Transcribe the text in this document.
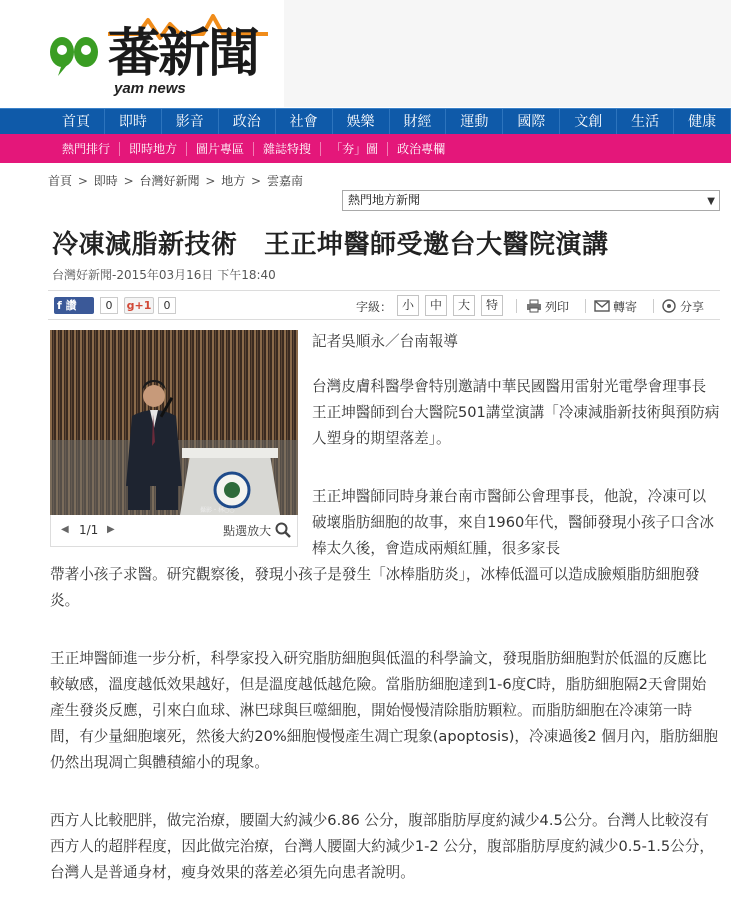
蕃新聞
yam news
首頁	即時	影音	政治	社會	娛樂	財經	運動	國際	文創	生活	健康
熱門排行	即時地方	圖片專區	雜誌特搜	「夯」圖	政治專欄
首頁 > 即時 > 台灣好新聞 > 地方 > 雲嘉南
熱門地方新聞	▼
冷凍減脂新技術　王正坤醫師受邀台大醫院演講
台灣好新聞-2015年03月16日 下午18:40
f 讚	0	g+1	0	字級： 小	中	大	特	列印	轉寄	分享
攝影・林○○
◀ 1/1 ▶	點選放大
記者吳順永／台南報導

台灣皮膚科醫學會特別邀請中華民國醫用雷射光電學會理事長王正坤醫師到台大醫院501講堂演講「冷凍減脂新技術與預防病人塑身的期望落差」。

王正坤醫師同時身兼台南市醫師公會理事長，他說，冷凍可以破壞脂肪細胞的故事，來自1960年代，醫師發現小孩子口含冰棒太久後，會造成兩頰紅腫，很多家長

帶著小孩子求醫。研究觀察後，發現小孩子是發生「冰棒脂肪炎」，冰棒低溫可以造成臉頰脂肪細胞發炎。

王正坤醫師進一步分析，科學家投入研究脂肪細胞與低溫的科學論文，發現脂肪細胞對於低溫的反應比較敏感，溫度越低效果越好，但是溫度越低越危險。當脂肪細胞達到1-6度C時，脂肪細胞隔2天會開始產生發炎反應，引來白血球、淋巴球與巨噬細胞，開始慢慢清除脂肪顆粒。而脂肪細胞在冷凍第一時間，有少量細胞壞死，然後大約20%細胞慢慢產生凋亡現象(apoptosis)，冷凍過後2 個月內，脂肪細胞仍然出現凋亡與體積縮小的現象。

西方人比較肥胖，做完治療，腰圍大約減少6.86 公分，腹部脂肪厚度約減少4.5公分。台灣人比較沒有西方人的超胖程度，因此做完治療，台灣人腰圍大約減少1-2 公分，腹部脂肪厚度約減少0.5-1.5公分，台灣人是普通身材，瘦身效果的落差必須先向患者說明。
